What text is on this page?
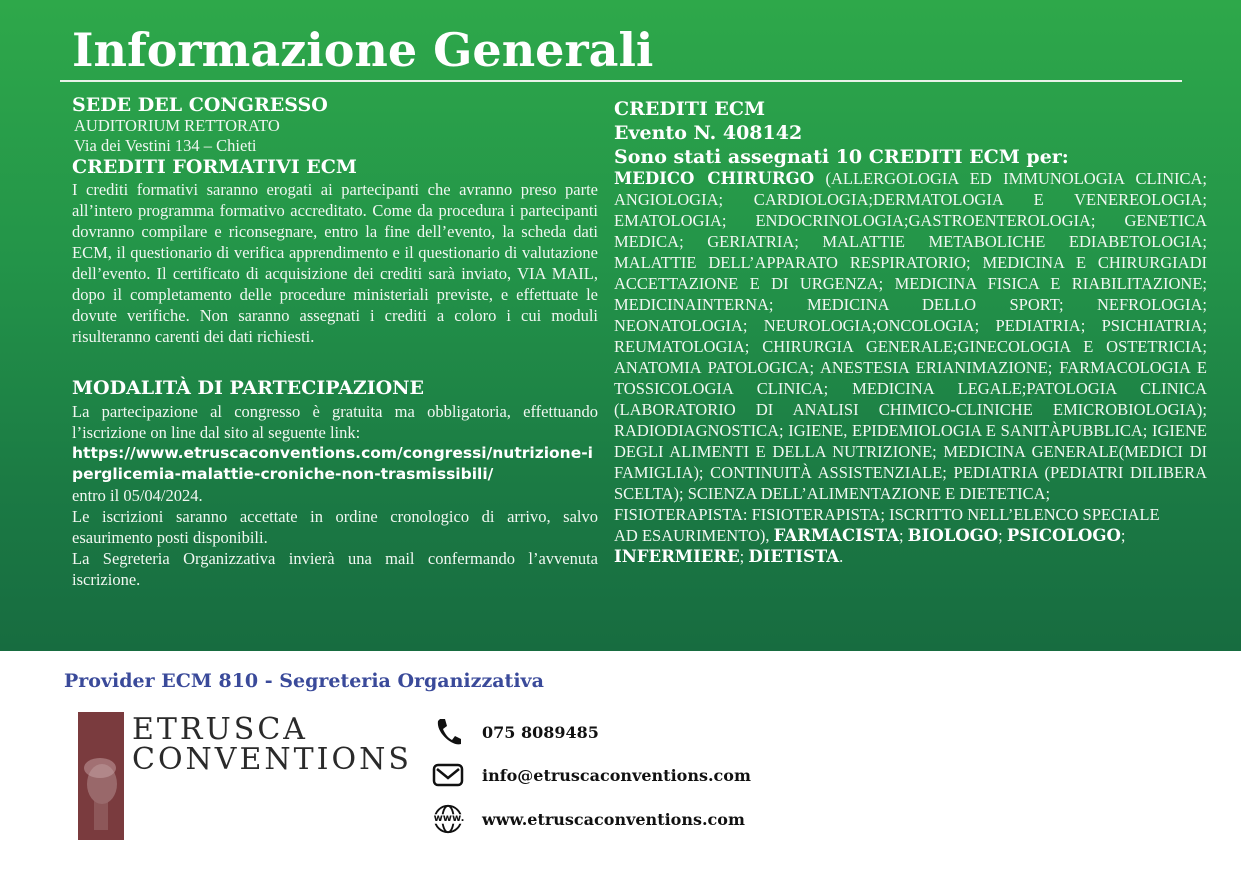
Informazione Generali

SEDE DEL CONGRESSO

AUDITORIUM RETTORATO

Via dei Vestini 134 – Chieti

CREDITI FORMATIVI ECM

I crediti formativi saranno erogati ai partecipanti che avranno preso parte all’intero programma formativo accreditato. Come da procedura i partecipanti dovranno compilare e riconsegnare, entro la fine dell’evento, la scheda dati ECM, il questionario di verifica apprendimento e il questionario di valutazione dell’evento. Il certificato di acquisizione dei crediti sarà inviato, VIA MAIL, dopo il completamento delle procedure ministeriali previste, e effettuate le dovute verifiche. Non saranno assegnati i crediti a coloro i cui moduli risulteranno carenti dei dati richiesti.

MODALITÀ DI PARTECIPAZIONE

La partecipazione al congresso è gratuita ma obbligatoria, effettuando l’iscrizione on line dal sito al seguente link:

https://www.etruscaconventions.com/congressi/nutrizione-iperglicemia-malattie-croniche-non-trasmissibili/

entro il 05/04/2024.

Le iscrizioni saranno accettate in ordine cronologico di arrivo, salvo esaurimento posti disponibili.

La Segreteria Organizzativa invierà una mail confermando l’avvenuta iscrizione.

CREDITI ECM

Evento N. 408142

Sono stati assegnati 10 CREDITI ECM per:

MEDICO CHIRURGO (ALLERGOLOGIA ED IMMUNOLOGIA CLINICA; ANGIOLOGIA; CARDIOLOGIA;DERMATOLOGIA E VENEREOLOGIA; EMATOLOGIA; ENDOCRINOLOGIA;GASTROENTEROLOGIA; GENETICA MEDICA; GERIATRIA; MALATTIE METABOLICHE EDIABETOLOGIA; MALATTIE DELL’APPARATO RESPIRATORIO; MEDICINA E CHIRURGIADI ACCETTAZIONE E DI URGENZA; MEDICINA FISICA E RIABILITAZIONE; MEDICINAINTERNA; MEDICINA DELLO SPORT; NEFROLOGIA; NEONATOLOGIA; NEUROLOGIA;ONCOLOGIA; PEDIATRIA; PSICHIATRIA; REUMATOLOGIA; CHIRURGIA GENERALE;GINECOLOGIA E OSTETRICIA; ANATOMIA PATOLOGICA; ANESTESIA ERIANIMAZIONE; FARMACOLOGIA E TOSSICOLOGIA CLINICA; MEDICINA LEGALE;PATOLOGIA CLINICA (LABORATORIO DI ANALISI CHIMICO-CLINICHE EMICROBIOLOGIA); RADIODIAGNOSTICA; IGIENE, EPIDEMIOLOGIA E SANITÀPUBBLICA; IGIENE DEGLI ALIMENTI E DELLA NUTRIZIONE; MEDICINA GENERALE(MEDICI DI FAMIGLIA); CONTINUITÀ ASSISTENZIALE; PEDIATRIA (PEDIATRI DILIBERA SCELTA); SCIENZA DELL’ALIMENTAZIONE E DIETETICA;

FISIOTERAPISTA: FISIOTERAPISTA; ISCRITTO NELL’ELENCO SPECIALE

AD ESAURIMENTO), FARMACISTA; BIOLOGO; PSICOLOGO; INFERMIERE; DIETISTA.

Provider ECM 810 - Segreteria Organizzativa
ETRUSCA
CONVENTIONS
075 8089485
info@etruscaconventions.com
www. www.etruscaconventions.com
